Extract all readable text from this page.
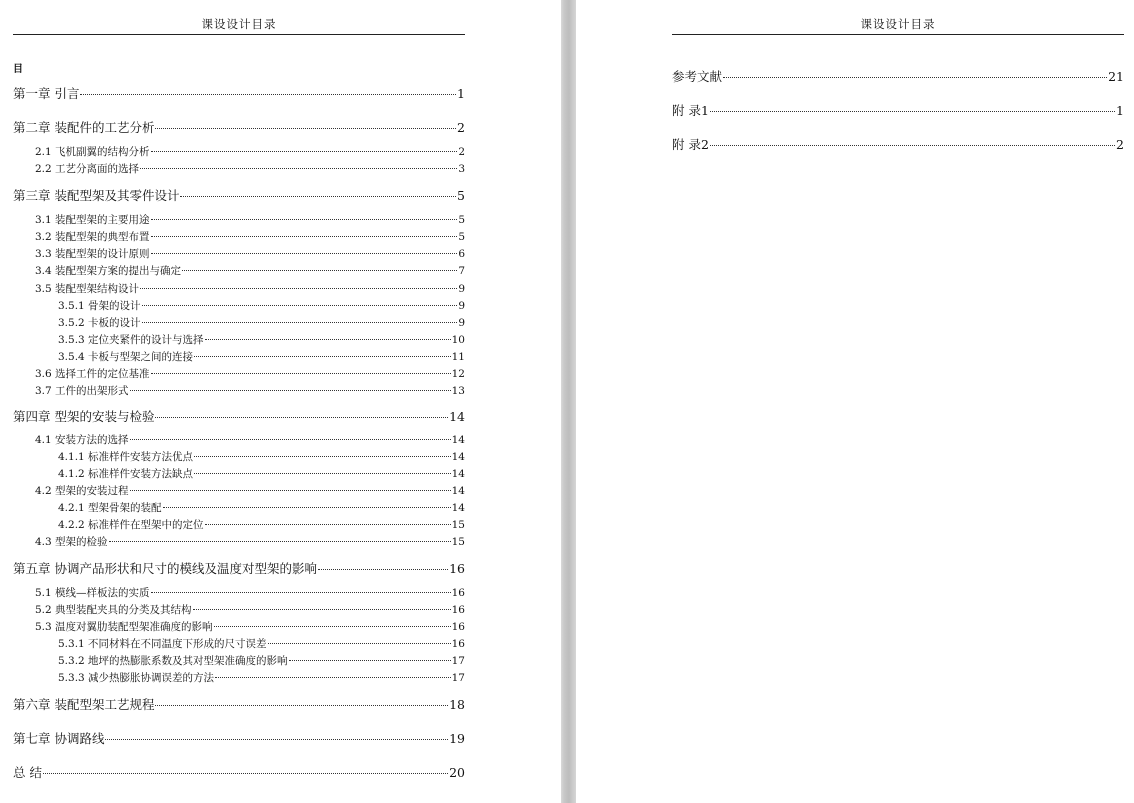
课设设计目录
目
第一章 引言	1
第二章 装配件的工艺分析	2
2.1 飞机副翼的结构分析	2
2.2 工艺分离面的选择	3
第三章 装配型架及其零件设计	5
3.1 装配型架的主要用途	5
3.2 装配型架的典型布置	5
3.3 装配型架的设计原则	6
3.4 装配型架方案的提出与确定	7
3.5 装配型架结构设计	9
3.5.1 骨架的设计	9
3.5.2 卡板的设计	9
3.5.3 定位夹紧件的设计与选择	10
3.5.4 卡板与型架之间的连接	11
3.6 选择工件的定位基准	12
3.7 工件的出架形式	13
第四章 型架的安装与检验	14
4.1 安装方法的选择	14
4.1.1 标准样件安装方法优点	14
4.1.2 标准样件安装方法缺点	14
4.2 型架的安装过程	14
4.2.1 型架骨架的装配	14
4.2.2 标准样件在型架中的定位	15
4.3 型架的检验	15
第五章 协调产品形状和尺寸的模线及温度对型架的影响	16
5.1 模线—样板法的实质	16
5.2 典型装配夹具的分类及其结构	16
5.3 温度对翼肋装配型架准确度的影响	16
5.3.1 不同材料在不同温度下形成的尺寸误差	16
5.3.2 地坪的热膨胀系数及其对型架准确度的影响	17
5.3.3 减少热膨胀协调误差的方法	17
第六章 装配型架工艺规程	18
第七章 协调路线	19
总 结	20
课设设计目录
参考文献	21
附 录1	1
附 录2	2
